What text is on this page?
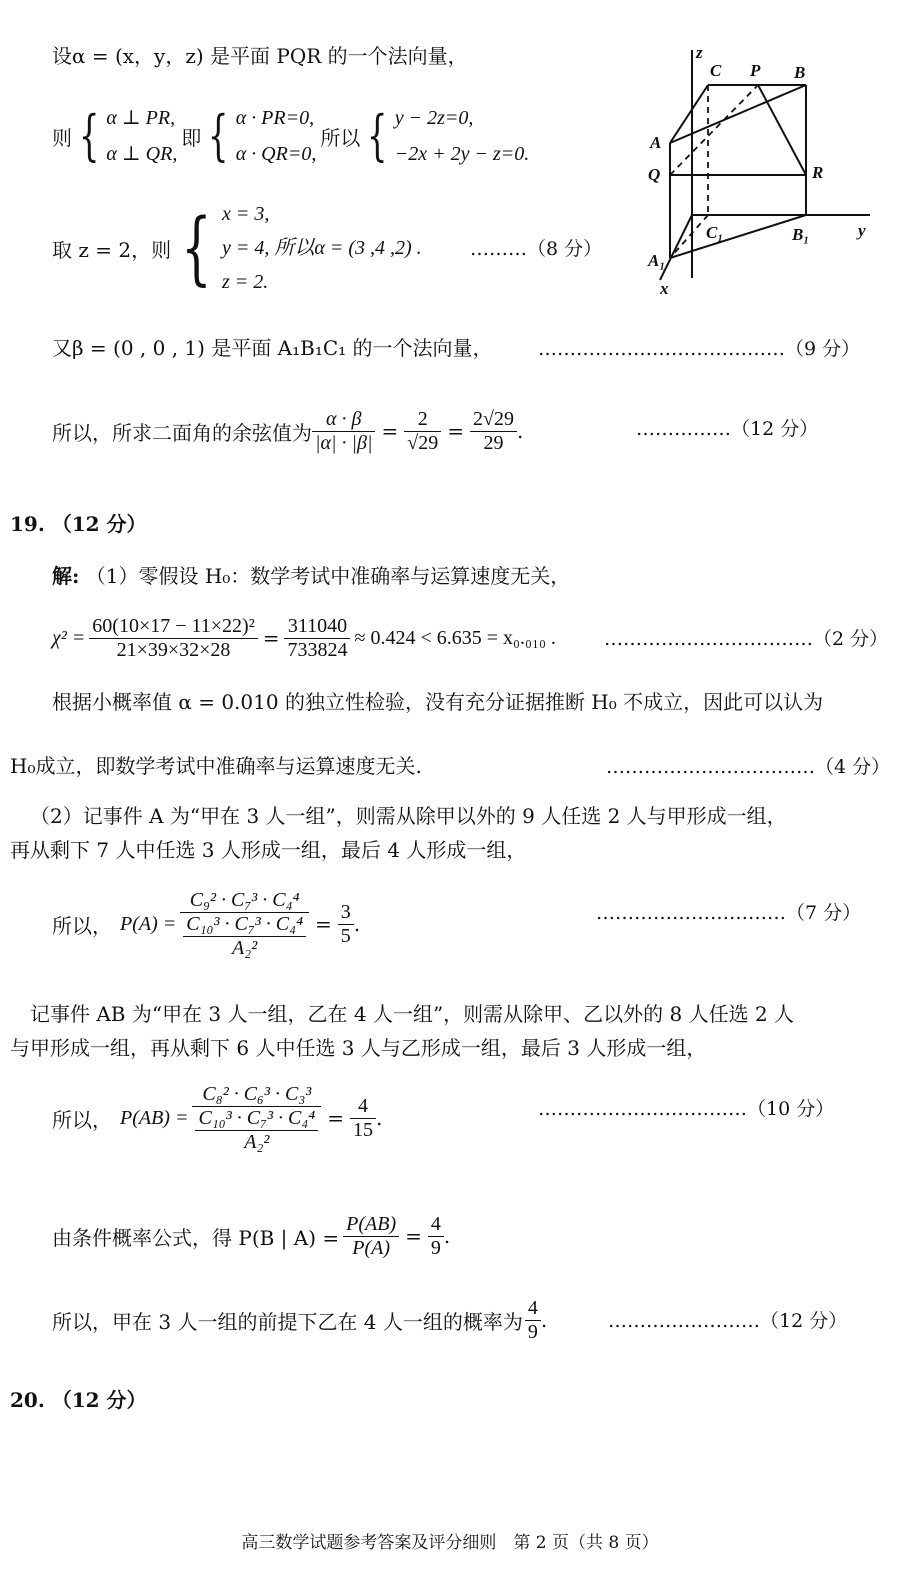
设α = (x，y，z) 是平面 PQR 的一个法向量，
则 { α ⊥ PR,
α ⊥ QR,
即 { α · PR=0,
α · QR=0,
所以 { y − 2z=0,
−2x + 2y − z=0.
取 z = 2，则 { x = 3,
y = 4, 所以α = (3 ,4 ,2) .
z = 2.
………（8 分）
z
C P B
A
Q	R
C₁	B₁	y
A₁
x
又β = (0 , 0 , 1) 是平面 A₁B₁C₁ 的一个法向量， …………………………………（9 分）
所以，所求二面角的余弦值为 $\frac{\alpha \cdot \beta}{|\alpha| \cdot |\beta|} = \frac{2}{√29} = \frac{2√29}{29}$ .	……………（12 分）
19. （12 分）
解: （1）零假设 H₀：数学考试中准确率与运算速度无关，
$\chi^2 = \frac{\text{60(10×17 − 11×22)²}}{21\times 39\times 32\times 28} = \frac{311040}{733824} \approx 0.424 < 6.635 = x_0._{010}$ .	……………………………（2 分）
根据小概率值 α = 0.010 的独立性检验，没有充分证据推断 H₀ 不成立，因此可以认为
H₀成立，即数学考试中准确率与运算速度无关.	……………………………（4 分）
（2）记事件 A 为“甲在 3 人一组”，则需从除甲以外的 9 人任选 2 人与甲形成一组，
再从剩下 7 人中任选 3 人形成一组，最后 4 人形成一组，
所以， $P(A) = \frac{\text{C₉² · C₇³ · C₄⁴}}{\frac{\text{C₁₀³ · C₇³ · C₄⁴}}{\text{A₂²}}} = \frac{3}{5}$ .	…………………………（7 分）
记事件 AB 为“甲在 3 人一组，乙在 4 人一组”，则需从除甲、乙以外的 8 人任选 2 人
与甲形成一组，再从剩下 6 人中任选 3 人与乙形成一组，最后 3 人形成一组，
所以， $P(AB) = \frac{\text{C₈² · C₆³ · C₃³}}{\frac{\text{C₁₀³ · C₇³ · C₄⁴}}{\text{A₂²}}} = \frac{4}{15}$ .	……………………………（10 分）
由条件概率公式，得 P(B | $A) = \frac{P(AB)}{P(A)} = \frac{4}{9}$ .
所以，甲在 3 人一组的前提下乙在 4 人一组的概率为 $\frac{4}{9}$ .	……………………（12 分）
20. （12 分）
高三数学试题参考答案及评分细则　第 2 页（共 8 页）
